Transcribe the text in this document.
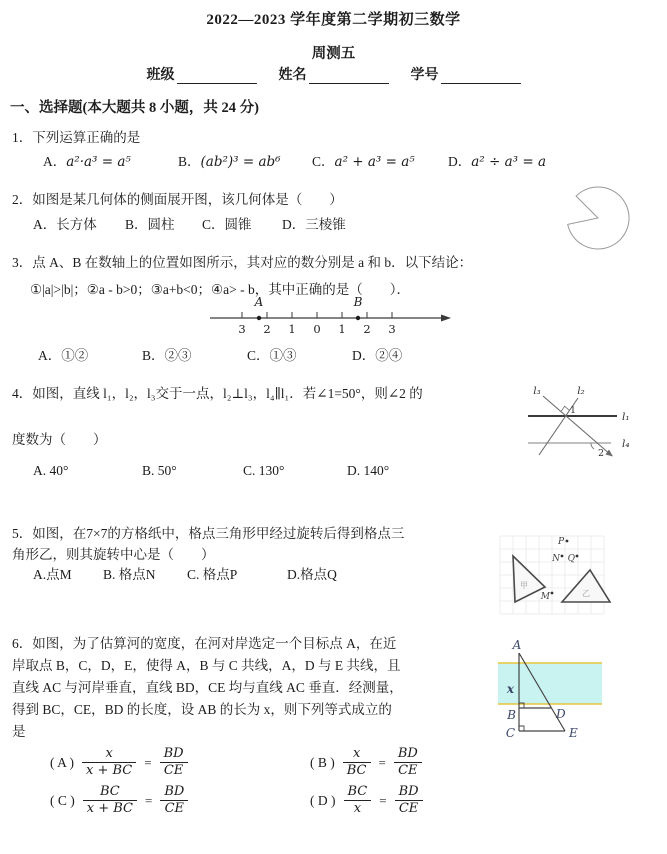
2022—2023 学年度第二学期初三数学
周测五
班级	姓名	学号
一、选择题(本大题共 8 小题，共 24 分)
1．下列运算正确的是
A．a²·a³ = a⁵	B．(ab²)³ = ab⁶ C．a² + a³ = a⁵ D．a² ÷ a³ = a
2．如图是某几何体的侧面展开图，该几何体是（　　）
A．长方体 B．圆柱 C．圆锥 D．三棱锥
3．点 A、B 在数轴上的位置如图所示，其对应的数分别是 a 和 b．以下结论：
①|a|>|b|；②a - b>0；③a+b<0；④a> - b，其中正确的是（　　）．
3 2 1 0 1 2 3
A	B
A．①②	B．②③	C．①③	D．②④
4．如图，直线 l₁，l₂，l₃交于一点，l₂⊥l₃，l₄∥l₁．若∠1=50°，则∠2 的
度数为（　　）
l₃	l₂
l₁
l₄
1
2
A. 40°	B. 50°	C. 130°	D. 140°
5．如图，在7×7的方格纸中，格点三角形甲经过旋转后得到格点三
角形乙，则其旋转中心是（　　）
甲
乙
P
N Q
M
A.点M B. 格点N C. 格点P	D.格点Q
6．如图，为了估算河的宽度，在河对岸选定一个目标点 A，在近
岸取点 B，C，D，E，使得 A，B 与 C 共线，A，D 与 E 共线，且
直线 AC 与河岸垂直，直线 BD，CE 均与直线 AC 垂直．经测量，
得到 BC，CE，BD 的长度，设 AB 的长为 x，则下列等式成立的
是
A
x
B
C
D
E
( A ) $\frac{x}{x + BC} = \frac{BD}{CE}$	( B ) $\frac{x}{BC} = \frac{BD}{CE}$
( C ) $\frac{BC}{x + BC} = \frac{BD}{CE}$	( D ) $\frac{BC}{x} = \frac{BD}{CE}$
